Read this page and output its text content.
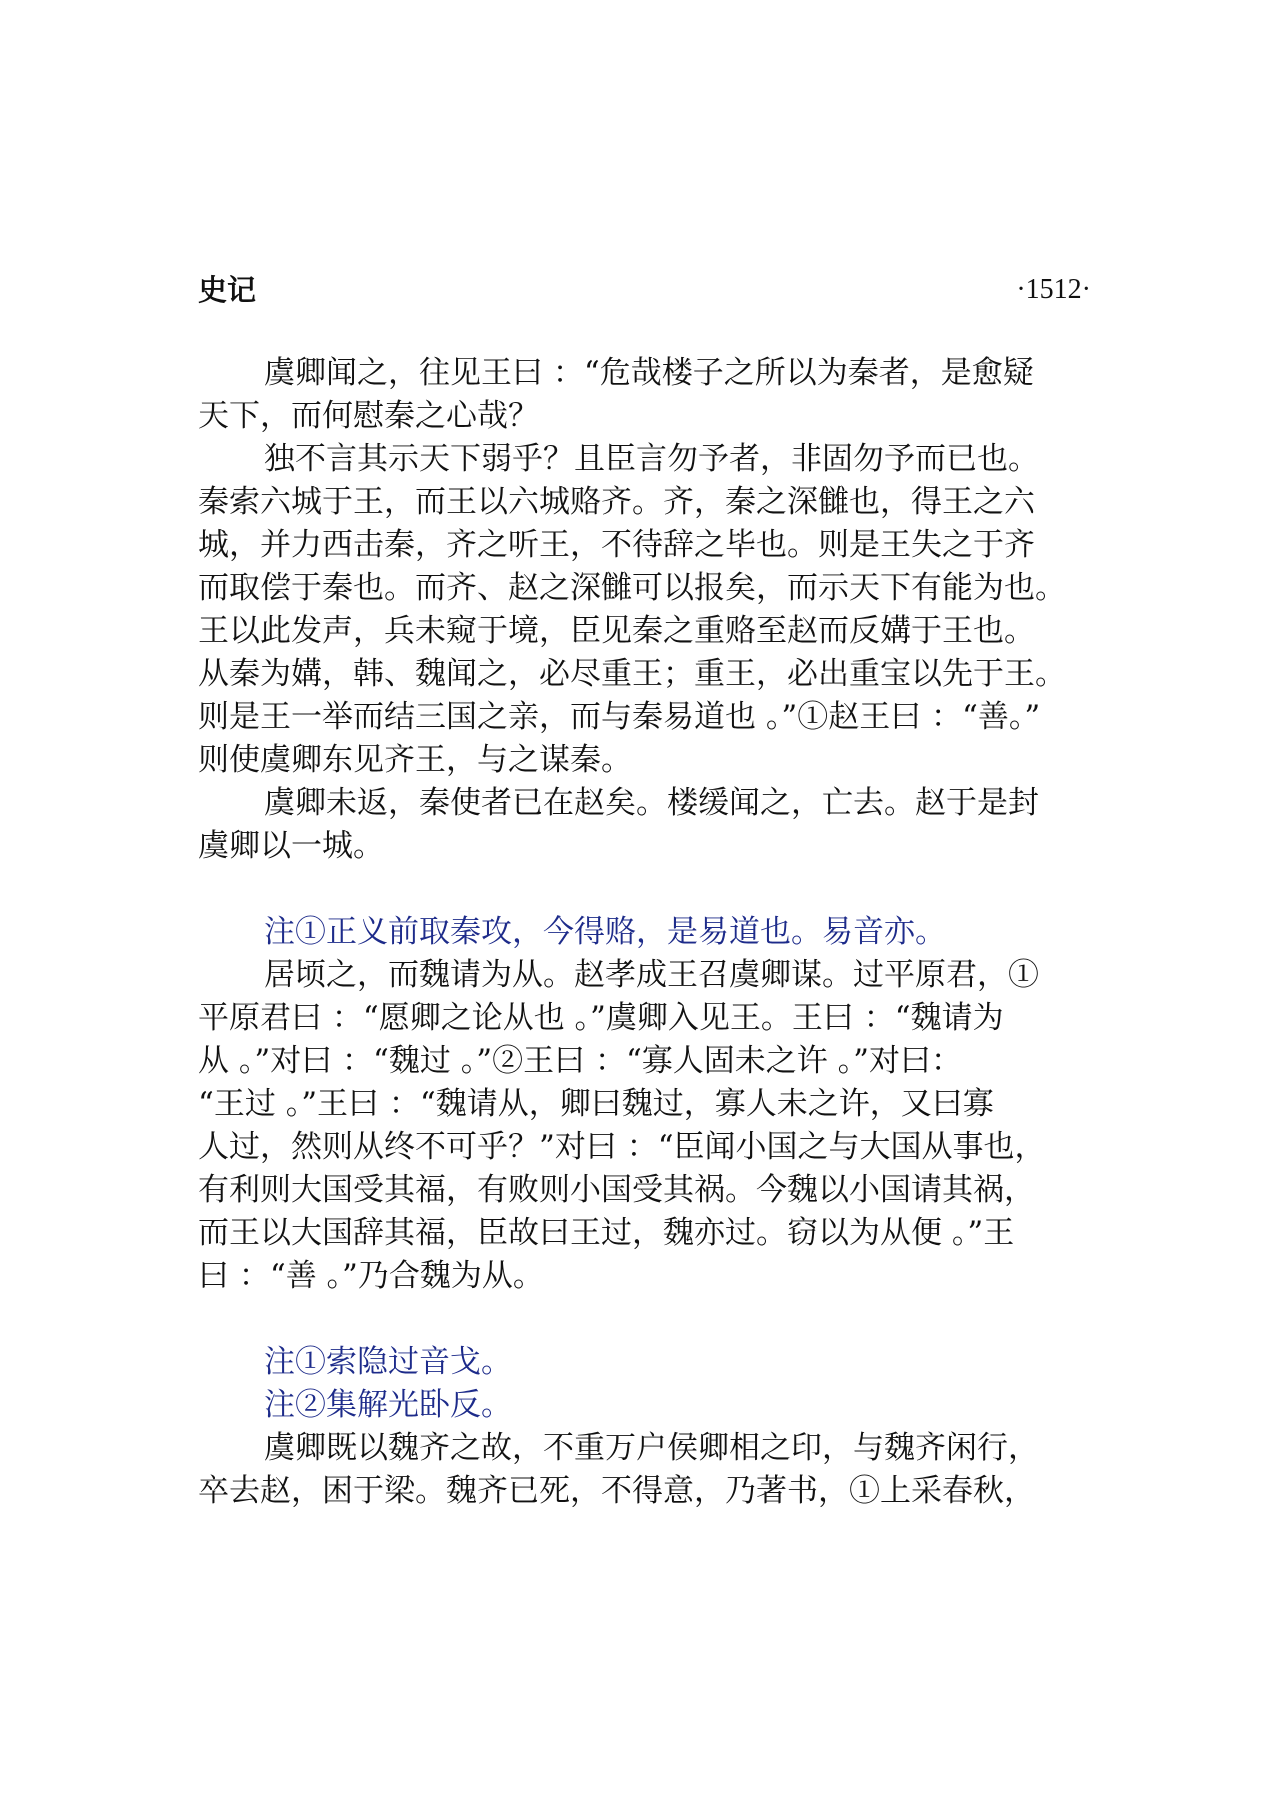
史记	·1512·

虞卿闻之，往见王曰 ：“危哉楼子之所以为秦者，是愈疑

天下，而何慰秦之心哉？

独不言其示天下弱乎？且臣言勿予者，非固勿予而已也。

秦索六城于王，而王以六城赂齐。齐，秦之深雠也，得王之六

城，并力西击秦，齐之听王，不待辞之毕也。则是王失之于齐

而取偿于秦也。而齐、赵之深雠可以报矣，而示天下有能为也。

王以此发声，兵未窥于境，臣见秦之重赂至赵而反媾于王也。

从秦为媾，韩、魏闻之，必尽重王；重王，必出重宝以先于王。

则是王一举而结三国之亲，而与秦易道也 。”①赵王曰 ：“善。”

则使虞卿东见齐王，与之谋秦。

虞卿未返，秦使者已在赵矣。楼缓闻之，亡去。赵于是封

虞卿以一城。

注①正义前取秦攻，今得赂，是易道也。易音亦。

居顷之，而魏请为从。赵孝成王召虞卿谋。过平原君，①

平原君曰 ：“愿卿之论从也 。”虞卿入见王。王曰 ：“魏请为

从 。”对曰 ：“魏过 。”②王曰 ：“寡人固未之许 。”对曰：

“王过 。”王曰 ：“魏请从，卿曰魏过，寡人未之许，又曰寡

人过，然则从终不可乎？”对曰 ：“臣闻小国之与大国从事也，

有利则大国受其福，有败则小国受其祸。今魏以小国请其祸，

而王以大国辞其福，臣故曰王过，魏亦过。窃以为从便 。”王

曰 ：“善 。”乃合魏为从。

注①索隐过音戈。

注②集解光卧反。

虞卿既以魏齐之故，不重万户侯卿相之印，与魏齐闲行，

卒去赵，困于梁。魏齐已死，不得意，乃著书，①上采春秋，
